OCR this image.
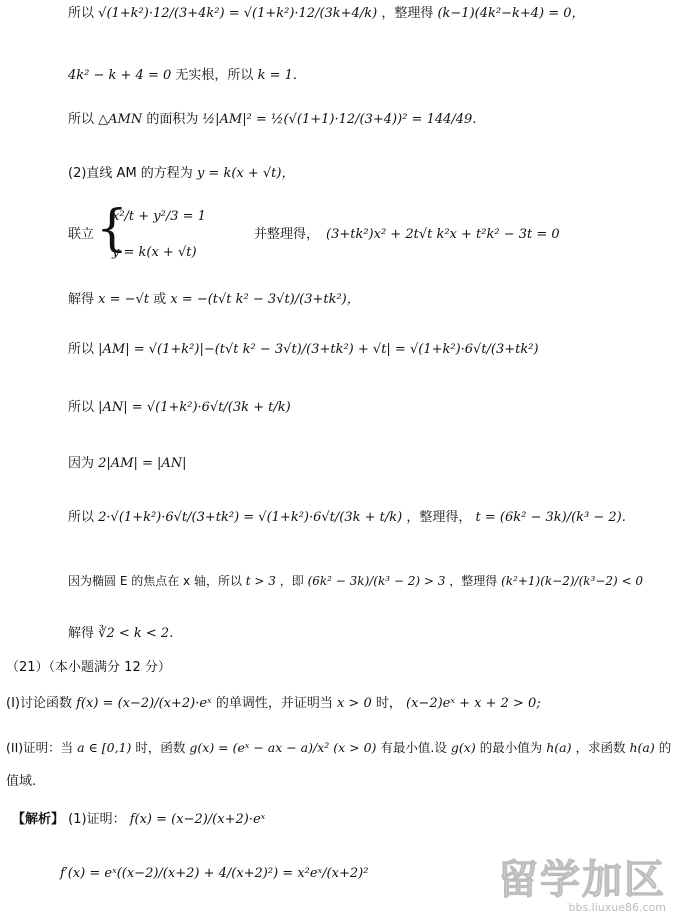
所以 √(1+k²)·12/(3+4k²) = √(1+k²)·12/(3k+4/k) ，整理得 (k−1)(4k²−k+4) = 0，
4k² − k + 4 = 0 无实根，所以 k = 1.
所以 △AMN 的面积为 ½|AM|² = ½(√(1+1)·12/(3+4))² = 144/49.
(2)直线 AM 的方程为 y = k(x + √t)，
联立 {
x²/t + y²/3 = 1
y = k(x + √t)
并整理得， (3+tk²)x² + 2t√t k²x + t²k² − 3t = 0
解得 x = −√t 或 x = −(t√t k² − 3√t)/(3+tk²)，
所以 |AM| = √(1+k²)|−(t√t k² − 3√t)/(3+tk²) + √t| = √(1+k²)·6√t/(3+tk²)
所以 |AN| = √(1+k²)·6√t/(3k + t/k)
因为 2|AM| = |AN|
所以 2·√(1+k²)·6√t/(3+tk²) = √(1+k²)·6√t/(3k + t/k) ，整理得， t = (6k² − 3k)/(k³ − 2).
因为椭圆 E 的焦点在 x 轴，所以 t > 3 ，即 (6k² − 3k)/(k³ − 2) > 3 ，整理得 (k²+1)(k−2)/(k³−2) < 0
解得 ∛2 < k < 2.
（21）（本小题满分 12 分）
(I)讨论函数 f(x) = (x−2)/(x+2)·eˣ 的单调性，并证明当 x > 0 时， (x−2)eˣ + x + 2 > 0;
(II)证明：当 a ∈ [0,1) 时，函数 g(x) = (eˣ − ax − a)/x² (x > 0) 有最小值.设 g(x) 的最小值为 h(a) ，求函数 h(a) 的
值域.
【解析】 (1)证明： f(x) = (x−2)/(x+2)·eˣ
f′(x) = eˣ((x−2)/(x+2) + 4/(x+2)²) = x²eˣ/(x+2)²	留学加区
bbs.liuxue86.com
